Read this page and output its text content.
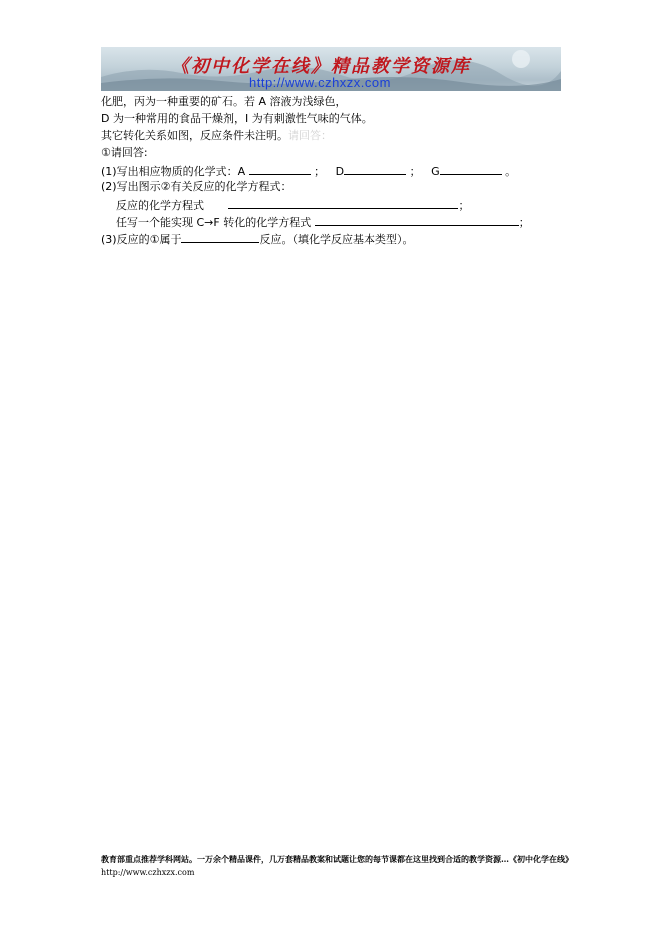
《初中化学在线》精品教学资源库
http://www.czhxzx.com
化肥，丙为一种重要的矿石。若 A 溶液为浅绿色，
D 为一种常用的食品干燥剂，I 为有刺激性气味的气体。
其它转化关系如图，反应条件未注明。请回答：
①请回答:
(1)写出相应物质的化学式：A	； D	； G	。
(2)写出图示②有关反应的化学方程式：
反应的化学方程式	；
任写一个能实现 C→F 转化的化学方程式	；
(3)反应的①属于	反应。（填化学反应基本类型）。
教育部重点推荐学科网站。一万余个精品课件，几万套精品教案和试题让您的每节课都在这里找到合适的教学资源…《初中化学在线》http://www.czhxzx.com
